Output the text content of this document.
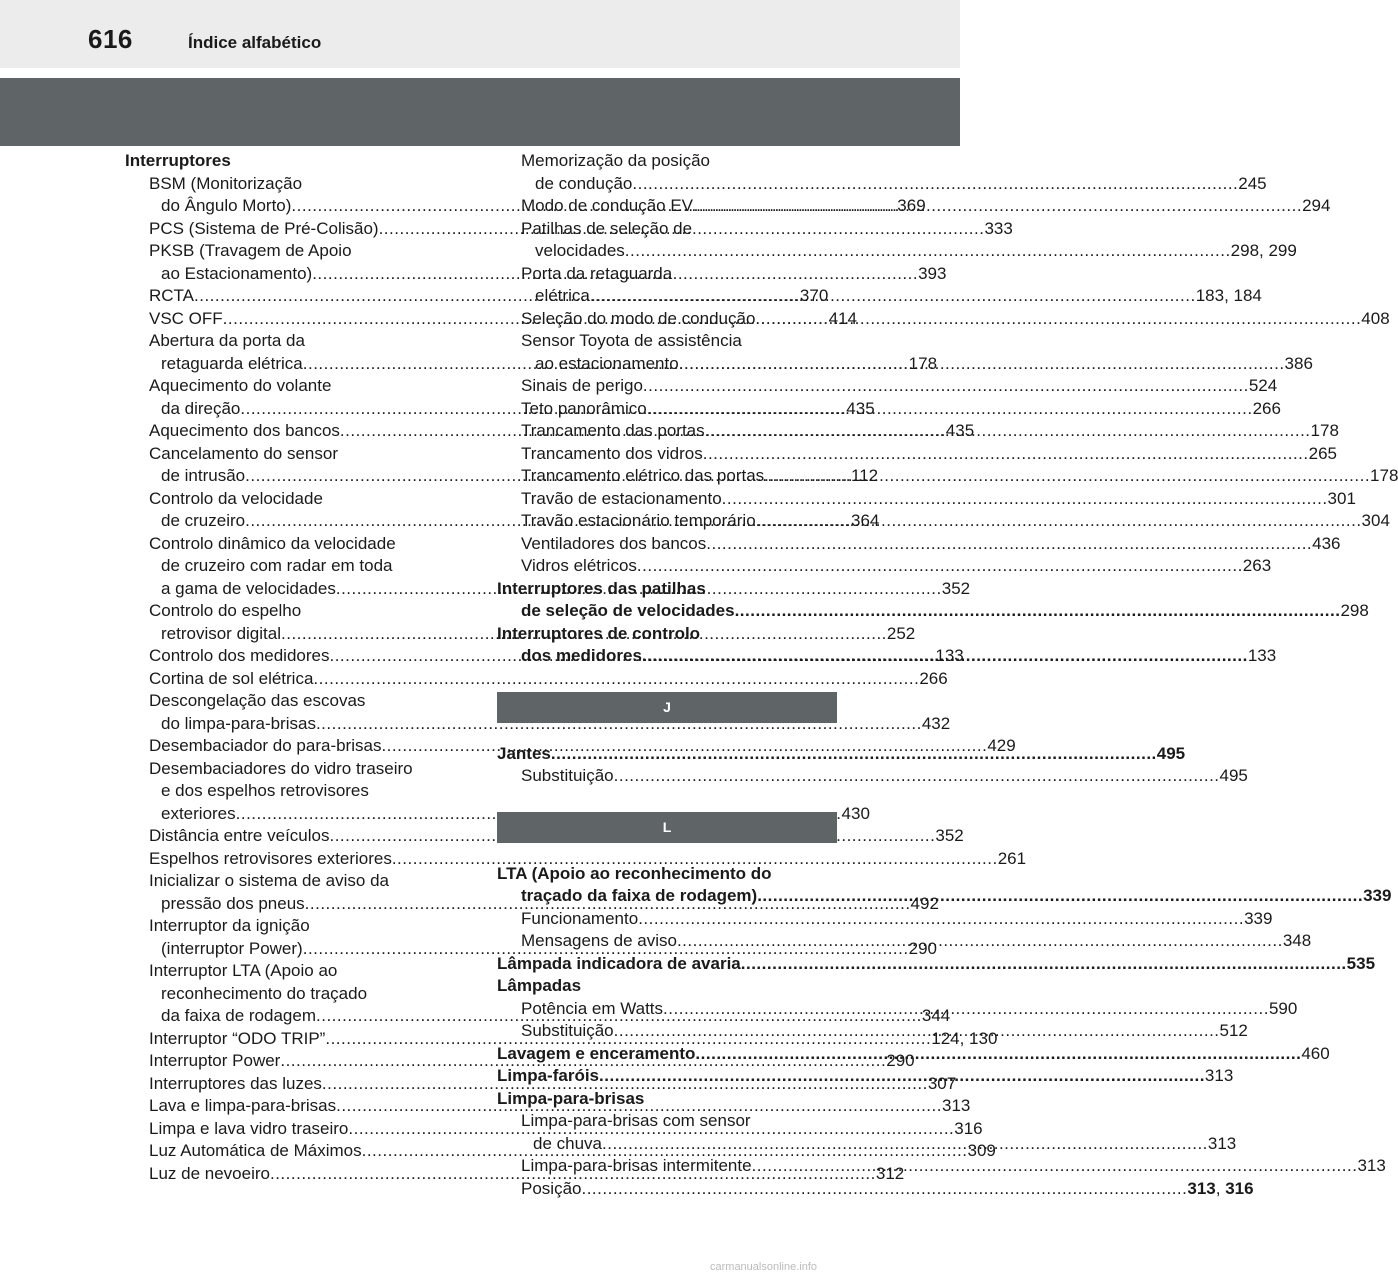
616	Índice alfabético
Interruptores
BSM (Monitorização
do Ângulo Morto) .....	369
PCS (Sistema de Pré-Colisão) .....	333
PKSB (Travagem de Apoio
ao Estacionamento) .....	393
RCTA .....	370
VSC OFF .....	414
Abertura da porta da
retaguarda elétrica .....	178
Aquecimento do volante
da direção .....	435
Aquecimento dos bancos .....	435
Cancelamento do sensor
de intrusão .....	112
Controlo da velocidade
de cruzeiro .....	364
Controlo dinâmico da velocidade
de cruzeiro com radar em toda
a gama de velocidades .....	352
Controlo do espelho
retrovisor digital .....	252
Controlo dos medidores .....	133
Cortina de sol elétrica .....	266
Descongelação das escovas
do limpa-para-brisas .....	432
Desembaciador do para-brisas .....	429
Desembaciadores do vidro traseiro
e dos espelhos retrovisores
exteriores .....	430
Distância entre veículos .....	352
Espelhos retrovisores exteriores .....	261
Inicializar o sistema de aviso da
pressão dos pneus .....	492
Interruptor da ignição
(interruptor Power) .....	290
Interruptor LTA (Apoio ao
reconhecimento do traçado
da faixa de rodagem .....	344
Interruptor “ODO TRIP” .....	124, 130
Interruptor Power .....	290
Interruptores das luzes .....	307
Lava e limpa-para-brisas .....	313
Limpa e lava vidro traseiro .....	316
Luz Automática de Máximos .....	309
Luz de nevoeiro .....	312
Memorização da posição
de condução .....	245
Modo de condução EV. .....	294
Patilhas de seleção de
velocidades .....	298, 299
Porta da retaguarda
elétrica .....	183, 184
Seleção do modo de condução .....	408
Sensor Toyota de assistência
ao estacionamento .....	386
Sinais de perigo .....	524
Teto panorâmico .....	266
Trancamento das portas .....	178
Trancamento dos vidros .....	265
Trancamento elétrico das portas .....	178
Travão de estacionamento .....	301
Travão estacionário temporário .....	304
Ventiladores dos bancos .....	436
Vidros elétricos .....	263
Interruptores das patilhas
de seleção de velocidades .....	298
Interruptores de controlo
dos medidores .....	133
J
Jantes .....	495
Substituição .....	495
L
LTA (Apoio ao reconhecimento do
traçado da faixa de rodagem) .....	339
Funcionamento .....	339
Mensagens de aviso .....	348
Lâmpada indicadora de avaria .....	535
Lâmpadas
Potência em Watts .....	590
Substituição .....	512
Lavagem e enceramento .....	460
Limpa-faróis .....	313
Limpa-para-brisas
Limpa-para-brisas com sensor
de chuva .....	313
Limpa-para-brisas intermitente .....	313
Posição .....	313, 316
carmanualsonline.info
